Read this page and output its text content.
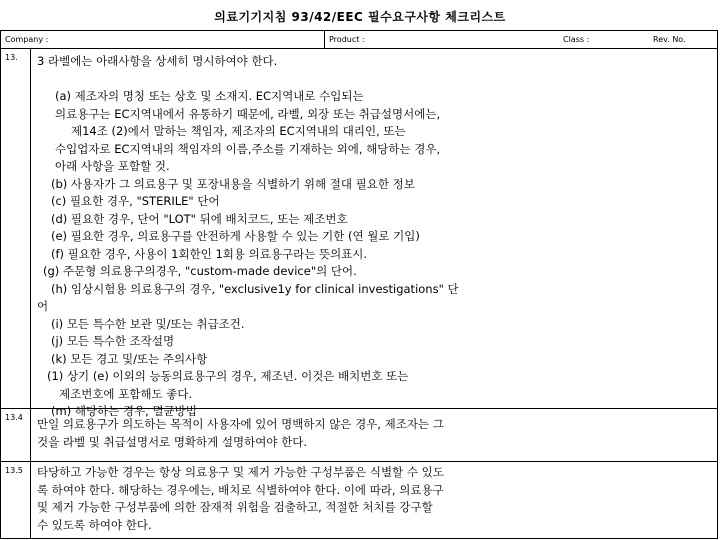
의료기기지침 93/42/EEC 필수요구사항 체크리스트
Company :	Product :	Class :	Rev. No.
13. 3 라벨에는 아래사항을 상세히 명시하여야 한다.
(a) 제조자의 명칭 또는 상호 및 소재지. EC지역내로 수입되는
의료용구는 EC지역내에서 유통하기 때문에, 라벨, 외장 또는 취급설명서에는,
제14조 (2)에서 말하는 책임자, 제조자의 EC지역내의 대리인, 또는
수입업자로 EC지역내의 책임자의 이름,주소를 기재하는 외에, 해당하는 경우,
아래 사항을 포함할 것.
(b) 사용자가 그 의료용구 및 포장내용을 식별하기 위해 절대 필요한 정보
(c) 필요한 경우, "STERILE" 단어
(d) 필요한 경우, 단어 "LOT" 뒤에 배치코드, 또는 제조번호
(e) 필요한 경우, 의료용구를 안전하게 사용할 수 있는 기한 (연 월로 기입)
(f) 필요한 경우, 사용이 1회한인 1회용 의료용구라는 뜻의표시.
(g) 주문형 의료용구의경우, "custom-made device"의 단어.
(h) 임상시험용 의료용구의 경우, "exclusive1y for clinical investigations" 단
어
(i) 모든 특수한 보관 및/또는 취급조건.
(j) 모든 특수한 조작설명
(k) 모든 경고 및/또는 주의사항
(1) 상기 (e) 이외의 능동의료용구의 경우, 제조년. 이것은 배치번호 또는
제조번호에 포함해도 좋다.
(m) 해당하는 경우, 멸균방법
13.4 만일 의료용구가 의도하는 목적이 사용자에 있어 명백하지 않은 경우, 제조자는 그
것을 라벨 및 취급설명서로 명확하게 설명하여야 한다.
13.5 타당하고 가능한 경우는 항상 의료용구 및 제거 가능한 구성부품은 식별할 수 있도
록 하여야 한다. 해당하는 경우에는, 배치로 식별하여야 한다. 이에 따라, 의료용구
및 제거 가능한 구성부품에 의한 잠재적 위험을 검출하고, 적절한 처치를 강구할
수 있도록 하여야 한다.
